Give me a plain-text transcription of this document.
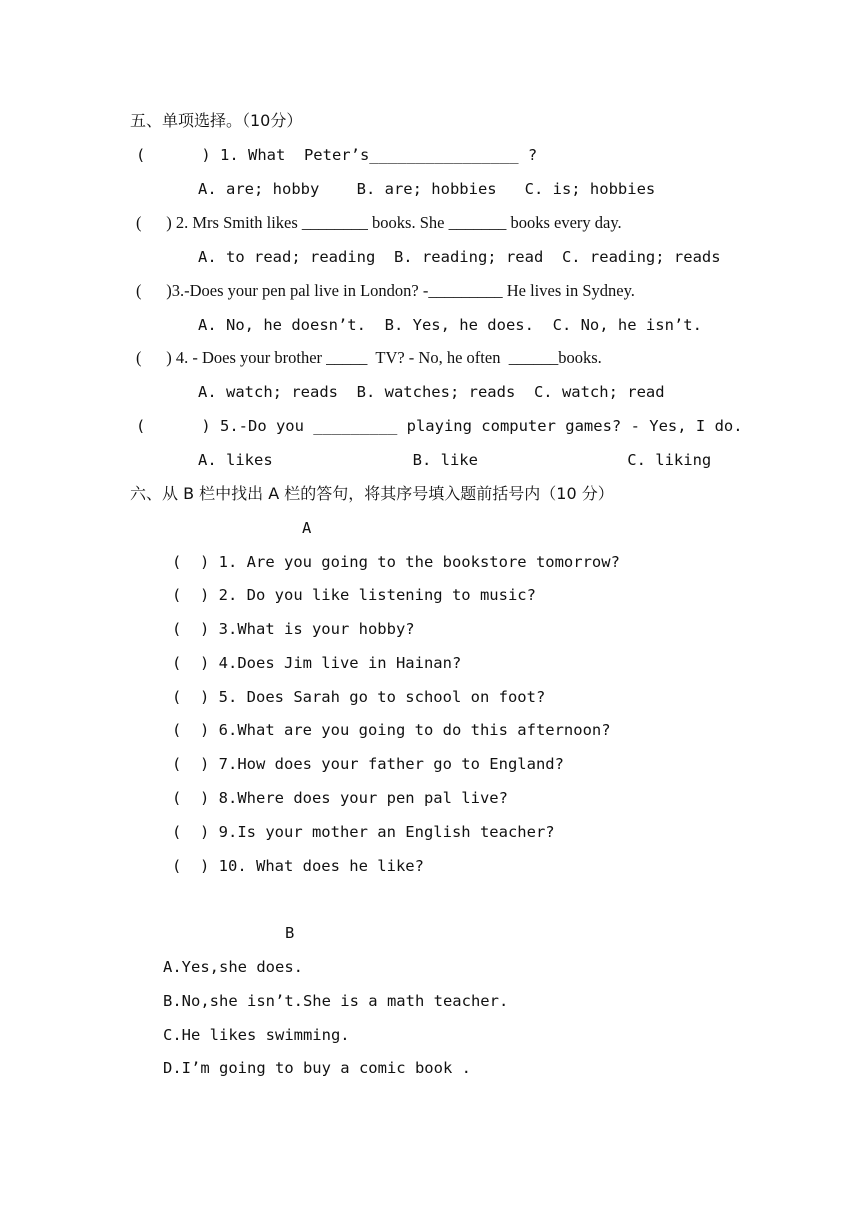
五、单项选择。（10分）
(      ) 1. What  Peter’s________________ ?
A. are; hobby    B. are; hobbies   C. is; hobbies
(      ) 2. Mrs Smith likes ________ books. She _______ books every day.
A. to read; reading  B. reading; read  C. reading; reads
(      )3.-Does your pen pal live in London? -_________ He lives in Sydney.
A. No, he doesn’t.  B. Yes, he does.  C. No, he isn’t.
(      ) 4. - Does your brother _____  TV? - No, he often  ______books.
A. watch; reads  B. watches; reads  C. watch; read
(      ) 5.-Do you _________ playing computer games? - Yes, I do.
A. likes               B. like                C. liking
六、从 B 栏中找出 A 栏的答句，将其序号填入题前括号内（10 分）
A
(  ) 1. Are you going to the bookstore tomorrow?
(  ) 2. Do you like listening to music?
(  ) 3.What is your hobby?
(  ) 4.Does Jim live in Hainan?
(  ) 5. Does Sarah go to school on foot?
(  ) 6.What are you going to do this afternoon?
(  ) 7.How does your father go to England?
(  ) 8.Where does your pen pal live?
(  ) 9.Is your mother an English teacher?
(  ) 10. What does he like?
B
A.Yes,she does.
B.No,she isn’t.She is a math teacher.
C.He likes swimming.
D.I’m going to buy a comic book .
